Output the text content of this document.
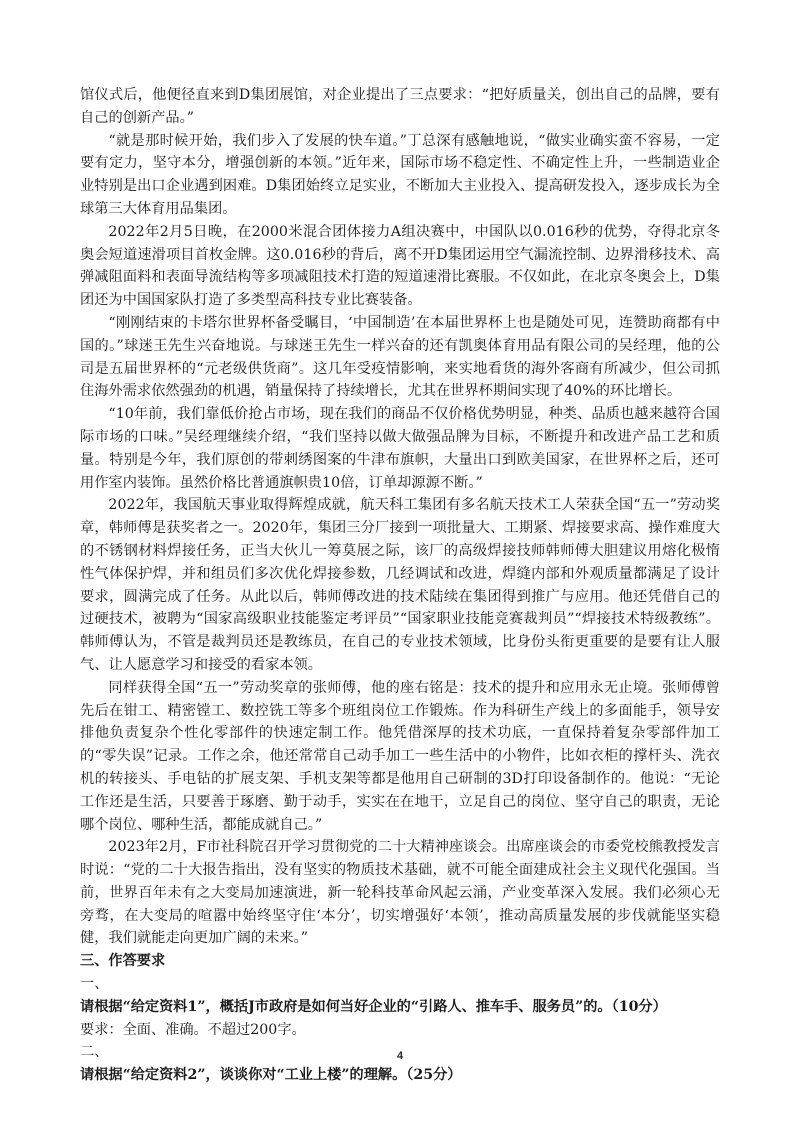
馆仪式后，他便径直来到D集团展馆，对企业提出了三点要求：“把好质量关，创出自己的品牌，要有自己的创新产品。”

“就是那时候开始，我们步入了发展的快车道。”丁总深有感触地说，“做实业确实蛮不容易，一定要有定力，坚守本分，增强创新的本领。”近年来，国际市场不稳定性、不确定性上升，一些制造业企业特别是出口企业遇到困难。D集团始终立足实业，不断加大主业投入、提高研发投入，逐步成长为全球第三大体育用品集团。

2022年2月5日晚，在2000米混合团体接力A组决赛中，中国队以0.016秒的优势，夺得北京冬奥会短道速滑项目首枚金牌。这0.016秒的背后，离不开D集团运用空气漏流控制、边界滑移技术、高弹减阻面料和表面导流结构等多项减阻技术打造的短道速滑比赛服。不仅如此，在北京冬奥会上，D集团还为中国国家队打造了多类型高科技专业比赛装备。

“刚刚结束的卡塔尔世界杯备受瞩目，‘中国制造’在本届世界杯上也是随处可见，连赞助商都有中国的。”球迷王先生兴奋地说。与球迷王先生一样兴奋的还有凯奥体育用品有限公司的吴经理，他的公司是五届世界杯的“元老级供货商”。这几年受疫情影响，来实地看货的海外客商有所减少，但公司抓住海外需求依然强劲的机遇，销量保持了持续增长，尤其在世界杯期间实现了40%的环比增长。

“10年前，我们靠低价抢占市场，现在我们的商品不仅价格优势明显，种类、品质也越来越符合国际市场的口味。”吴经理继续介绍，“我们坚持以做大做强品牌为目标，不断提升和改进产品工艺和质量。特别是今年，我们原创的带刺绣图案的牛津布旗帜，大量出口到欧美国家，在世界杯之后，还可用作室内装饰。虽然价格比普通旗帜贵10倍，订单却源源不断。”

2022年，我国航天事业取得辉煌成就，航天科工集团有多名航天技术工人荣获全国“五一”劳动奖章，韩师傅是获奖者之一。2020年，集团三分厂接到一项批量大、工期紧、焊接要求高、操作难度大的不锈钢材料焊接任务，正当大伙儿一筹莫展之际，该厂的高级焊接技师韩师傅大胆建议用熔化极惰性气体保护焊，并和组员们多次优化焊接参数，几经调试和改进，焊缝内部和外观质量都满足了设计要求，圆满完成了任务。从此以后，韩师傅改进的技术陆续在集团得到推广与应用。他还凭借自己的过硬技术，被聘为“国家高级职业技能鉴定考评员”“国家职业技能竞赛裁判员”“焊接技术特级教练”。韩师傅认为，不管是裁判员还是教练员，在自己的专业技术领域，比身份头衔更重要的是要有让人服气、让人愿意学习和接受的看家本领。

同样获得全国“五一”劳动奖章的张师傅，他的座右铭是：技术的提升和应用永无止境。张师傅曾先后在钳工、精密镗工、数控铣工等多个班组岗位工作锻炼。作为科研生产线上的多面能手，领导安排他负责复杂个性化零部件的快速定制工作。他凭借深厚的技术功底，一直保持着复杂零部件加工的“零失误”记录。工作之余，他还常常自己动手加工一些生活中的小物件，比如衣柜的撑杆头、洗衣机的转接头、手电钻的扩展支架、手机支架等都是他用自己研制的3D打印设备制作的。他说：“无论工作还是生活，只要善于琢磨、勤于动手，实实在在地干，立足自己的岗位、坚守自己的职责，无论哪个岗位、哪种生活，都能成就自己。”

2023年2月，F市社科院召开学习贯彻党的二十大精神座谈会。出席座谈会的市委党校熊教授发言时说：“党的二十大报告指出，没有坚实的物质技术基础，就不可能全面建成社会主义现代化强国。当前，世界百年未有之大变局加速演进，新一轮科技革命风起云涌，产业变革深入发展。我们必须心无旁骛，在大变局的喧嚣中始终坚守住‘本分’，切实增强好‘本领’，推动高质量发展的步伐就能坚实稳健，我们就能走向更加广阔的未来。”

三、作答要求

一、

请根据“给定资料1”，概括J市政府是如何当好企业的“引路人、推车手、服务员”的。（10分）

要求：全面、准确。不超过200字。

二、

请根据“给定资料2”，谈谈你对“工业上楼”的理解。（25分）

4
